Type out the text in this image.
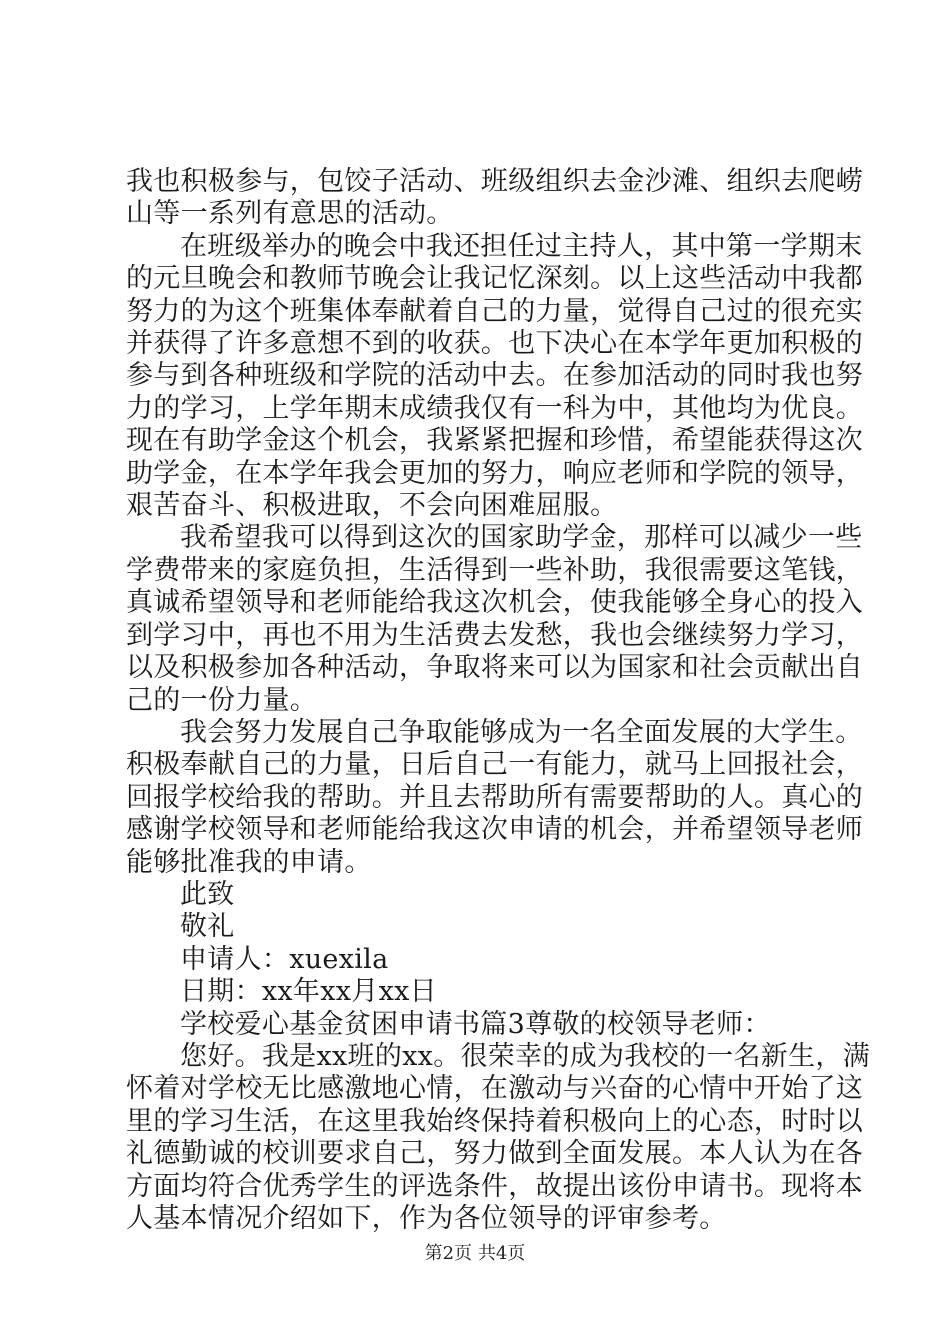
我也积极参与，包饺子活动、班级组织去金沙滩、组织去爬崂

山等一系列有意思的活动。

在班级举办的晚会中我还担任过主持人，其中第一学期末

的元旦晚会和教师节晚会让我记忆深刻。以上这些活动中我都

努力的为这个班集体奉献着自己的力量，觉得自己过的很充实

并获得了许多意想不到的收获。也下决心在本学年更加积极的

参与到各种班级和学院的活动中去。在参加活动的同时我也努

力的学习，上学年期末成绩我仅有一科为中，其他均为优良。

现在有助学金这个机会，我紧紧把握和珍惜，希望能获得这次

助学金，在本学年我会更加的努力，响应老师和学院的领导，

艰苦奋斗、积极进取，不会向困难屈服。

我希望我可以得到这次的国家助学金，那样可以减少一些

学费带来的家庭负担，生活得到一些补助，我很需要这笔钱，

真诚希望领导和老师能给我这次机会，使我能够全身心的投入

到学习中，再也不用为生活费去发愁，我也会继续努力学习，

以及积极参加各种活动，争取将来可以为国家和社会贡献出自

己的一份力量。

我会努力发展自己争取能够成为一名全面发展的大学生。

积极奉献自己的力量，日后自己一有能力，就马上回报社会，

回报学校给我的帮助。并且去帮助所有需要帮助的人。真心的

感谢学校领导和老师能给我这次申请的机会，并希望领导老师

能够批准我的申请。

此致

敬礼

申请人：xuexila

日期：xx年xx月xx日

学校爱心基金贫困申请书篇3尊敬的校领导老师：

您好。我是xx班的xx。很荣幸的成为我校的一名新生，满

怀着对学校无比感激地心情，在激动与兴奋的心情中开始了这

里的学习生活，在这里我始终保持着积极向上的心态，时时以

礼德勤诚的校训要求自己，努力做到全面发展。本人认为在各

方面均符合优秀学生的评选条件，故提出该份申请书。现将本

人基本情况介绍如下，作为各位领导的评审参考。

第2页 共4页
